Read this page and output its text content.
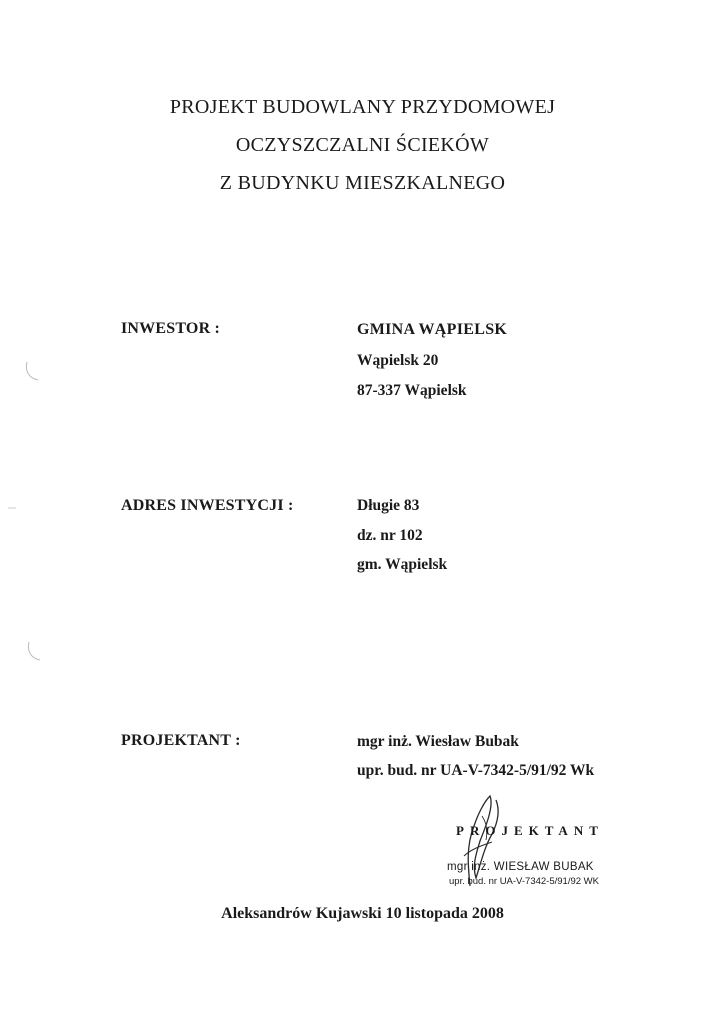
PROJEKT BUDOWLANY PRZYDOMOWEJ
OCZYSZCZALNI ŚCIEKÓW
Z BUDYNKU MIESZKALNEGO
INWESTOR :	GMINA WĄPIELSK
Wąpielsk 20
87-337 Wąpielsk
ADRES INWESTYCJI :	Długie 83
dz. nr 102
gm. Wąpielsk
PROJEKTANT :	mgr inż. Wiesław Bubak
upr. bud. nr UA-V-7342-5/91/92 Wk
PROJEKTANT
mgr inż. WIESŁAW BUBAK
upr. bud. nr UA-V-7342-5/91/92 WK
Aleksandrów Kujawski 10 listopada 2008
